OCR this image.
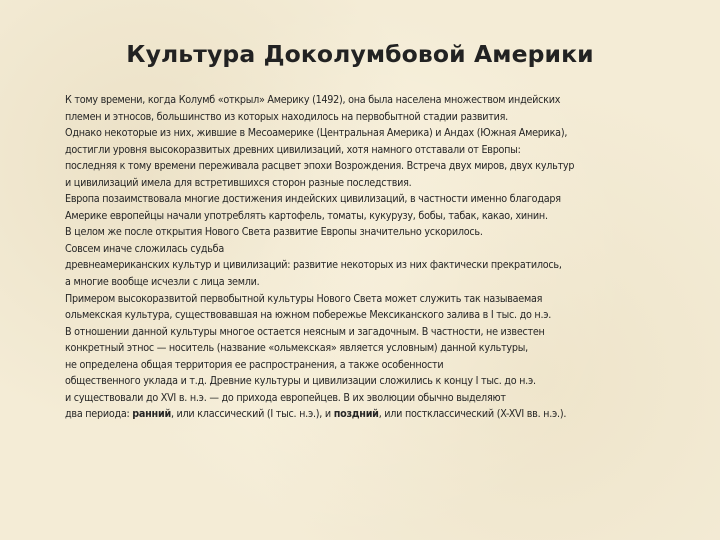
Культура Доколумбовой Америки
К тому времени, когда Колумб «открыл» Америку (1492), она была населена множеством индейских
племен и этносов, большинство из которых находилось на первобытной стадии развития.
Однако некоторые из них, жившие в Месоамерике (Центральная Америка) и Андах (Южная Америка),
достигли уровня высокоразвитых древних цивилизаций, хотя намного отставали от Европы:
последняя к тому времени переживала расцвет эпохи Возрождения. Встреча двух миров, двух культур
и цивилизаций имела для встретившихся сторон разные последствия.
Европа позаимствовала многие достижения индейских цивилизаций, в частности именно благодаря
Америке европейцы начали употреблять картофель, томаты, кукурузу, бобы, табак, какао, хинин.
В целом же после открытия Нового Света развитие Европы значительно ускорилось.
Совсем иначе сложилась судьба
древнеамериканских культур и цивилизаций: развитие некоторых из них фактически прекратилось,
а многие вообще исчезли с лица земли.
Примером высокоразвитой первобытной культуры Нового Света может служить так называемая
ольмекская культура, существовавшая на южном побережье Мексиканского залива в I тыс. до н.э.
В отношении данной культуры многое остается неясным и загадочным. В частности, не известен
конкретный этнос — носитель (название «ольмекская» является условным) данной культуры,
не определена общая территория ее распространения, а также особенности
общественного уклада и т.д. Древние культуры и цивилизации сложились к концу I тыс. до н.э.
и существовали до XVI в. н.э. — до прихода европейцев. В их эволюции обычно выделяют
два периода: ранний, или классический (I тыс. н.э.), и поздний, или постклассический (X-XVI вв. н.э.).
